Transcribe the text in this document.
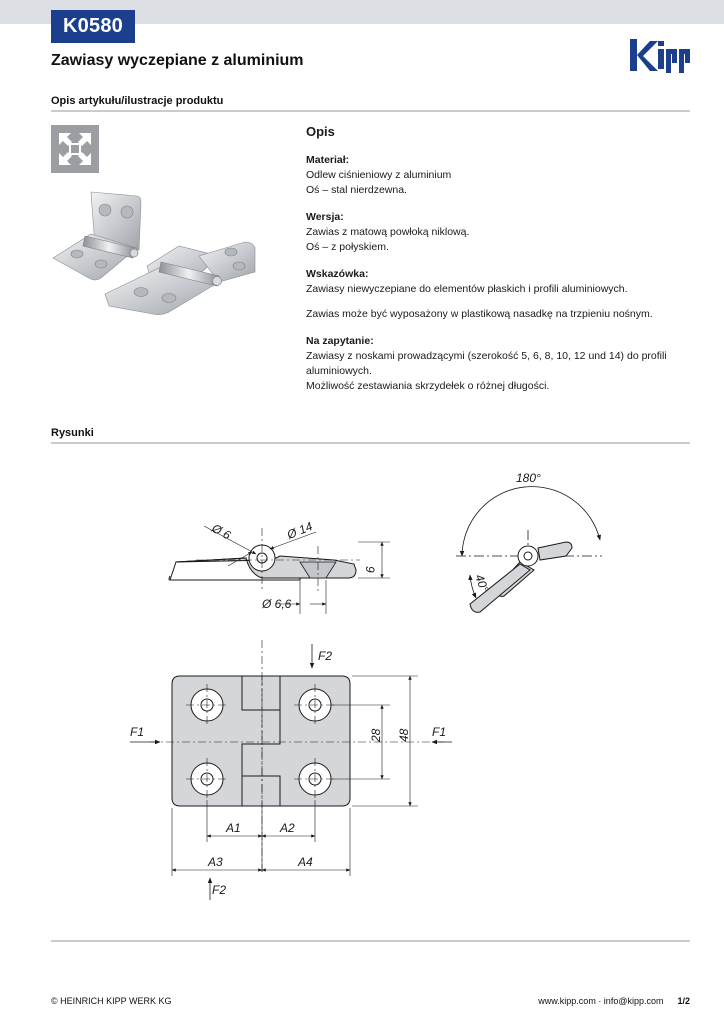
K0580
Zawiasy wyczepiane z aluminium
Opis artykułu/ilustracje produktu
Opis

Materiał:

Odlew ciśnieniowy z aluminium

Oś – stal nierdzewna.

Wersja:

Zawias z matową powłoką niklową.

Oś – z połyskiem.

Wskazówka:

Zawiasy niewyczepiane do elementów płaskich i profili aluminiowych.

Zawias może być wyposażony w plastikową nasadkę na trzpieniu nośnym.

Na zapytanie:

Zawiasy z noskami prowadzącymi (szerokość 5, 6, 8, 10, 12 und 14) do profili aluminiowych.

Możliwość zestawiania skrzydełek o różnej długości.

Rysunki
Ø 6	Ø 14
Ø 6,6
9
180°
40°
F2
F2
F1	F1
28 48
A1	A2
A3	A4
© HEINRICH KIPP WERK KG	www.kipp.com · info@kipp.com 1/2
